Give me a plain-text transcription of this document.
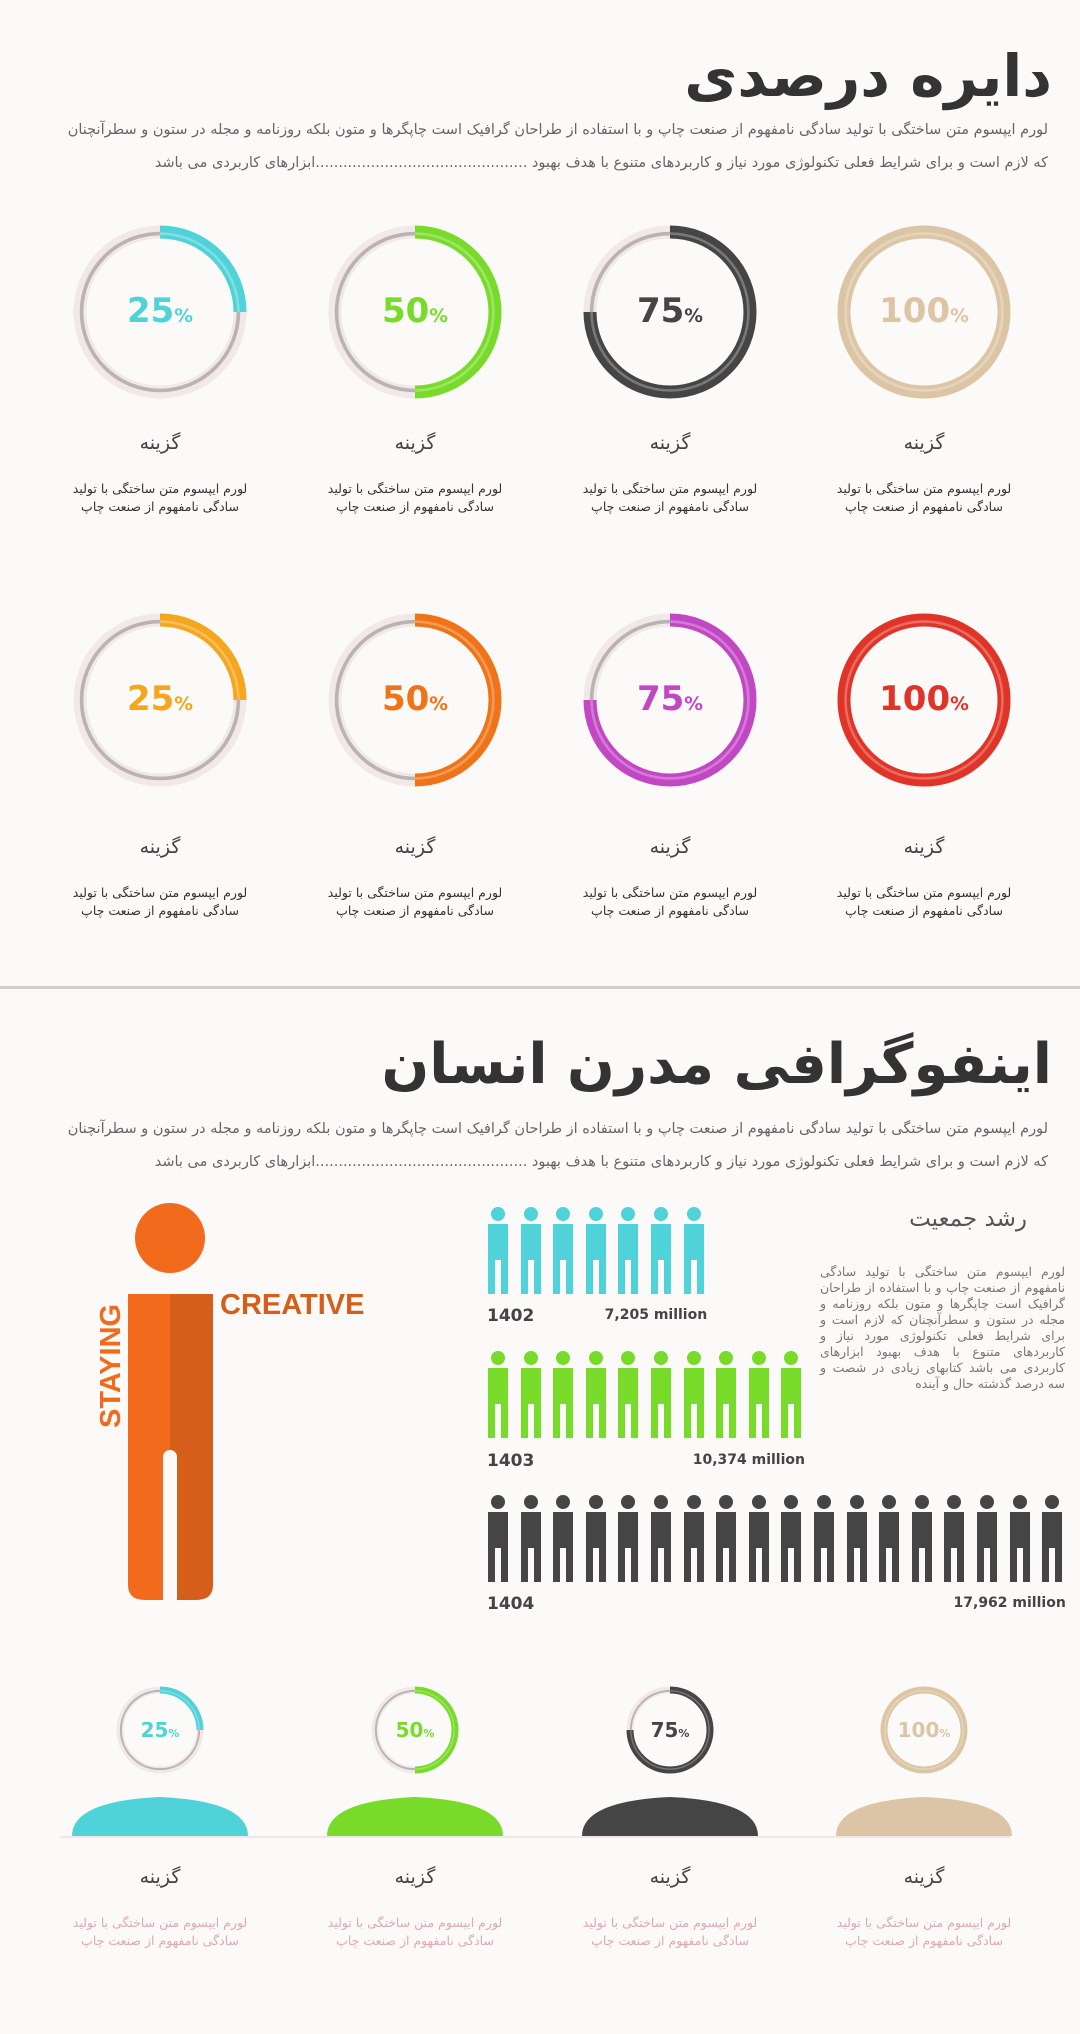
دایره درصدی

لورم ایپسوم متن ساختگی با تولید سادگی نامفهوم از صنعت چاپ و با استفاده از طراحان گرافیک است چاپگرها و متون بلکه روزنامه و مجله در ستون و سطرآنچنان

که لازم است و برای شرایط فعلی تکنولوژی مورد نیاز و کاربردهای متنوع با هدف بهبود ..............................................ابزارهای کاربردی می باشد

25%
گزینه
لورم ایپسوم متن ساختگی با تولید سادگی نامفهوم از صنعت چاپ
50%
گزینه
لورم ایپسوم متن ساختگی با تولید سادگی نامفهوم از صنعت چاپ
75%
گزینه
لورم ایپسوم متن ساختگی با تولید سادگی نامفهوم از صنعت چاپ
100%
گزینه
لورم ایپسوم متن ساختگی با تولید سادگی نامفهوم از صنعت چاپ
25%
گزینه
لورم ایپسوم متن ساختگی با تولید سادگی نامفهوم از صنعت چاپ
50%
گزینه
لورم ایپسوم متن ساختگی با تولید سادگی نامفهوم از صنعت چاپ
75%
گزینه
لورم ایپسوم متن ساختگی با تولید سادگی نامفهوم از صنعت چاپ
100%
گزینه
لورم ایپسوم متن ساختگی با تولید سادگی نامفهوم از صنعت چاپ
اینفوگرافی مدرن انسان

لورم ایپسوم متن ساختگی با تولید سادگی نامفهوم از صنعت چاپ و با استفاده از طراحان گرافیک است چاپگرها و متون بلکه روزنامه و مجله در ستون و سطرآنچنان

که لازم است و برای شرایط فعلی تکنولوژی مورد نیاز و کاربردهای متنوع با هدف بهبود ..............................................ابزارهای کاربردی می باشد

STAYING	CREATIVE
رشد جمعیت
لورم ایپسوم متن ساختگی با تولید سادگی نامفهوم از صنعت چاپ و با استفاده از طراحان گرافیک است چاپگرها و متون بلکه روزنامه و مجله در ستون و سطرآنچنان که لازم است و برای شرایط فعلی تکنولوژی مورد نیاز و کاربردهای متنوع با هدف بهبود ابزارهای کاربردی می باشد کتابهای زیادی در شصت و سه درصد گذشته حال و آینده
1402	7,205 million
1403	10,374 million
1404	17,962 million
25%
گزینه
لورم ایپسوم متن ساختگی با تولید سادگی نامفهوم از صنعت چاپ
50%
گزینه
لورم ایپسوم متن ساختگی با تولید سادگی نامفهوم از صنعت چاپ
75%
گزینه
لورم ایپسوم متن ساختگی با تولید سادگی نامفهوم از صنعت چاپ
100%
گزینه
لورم ایپسوم متن ساختگی با تولید سادگی نامفهوم از صنعت چاپ
